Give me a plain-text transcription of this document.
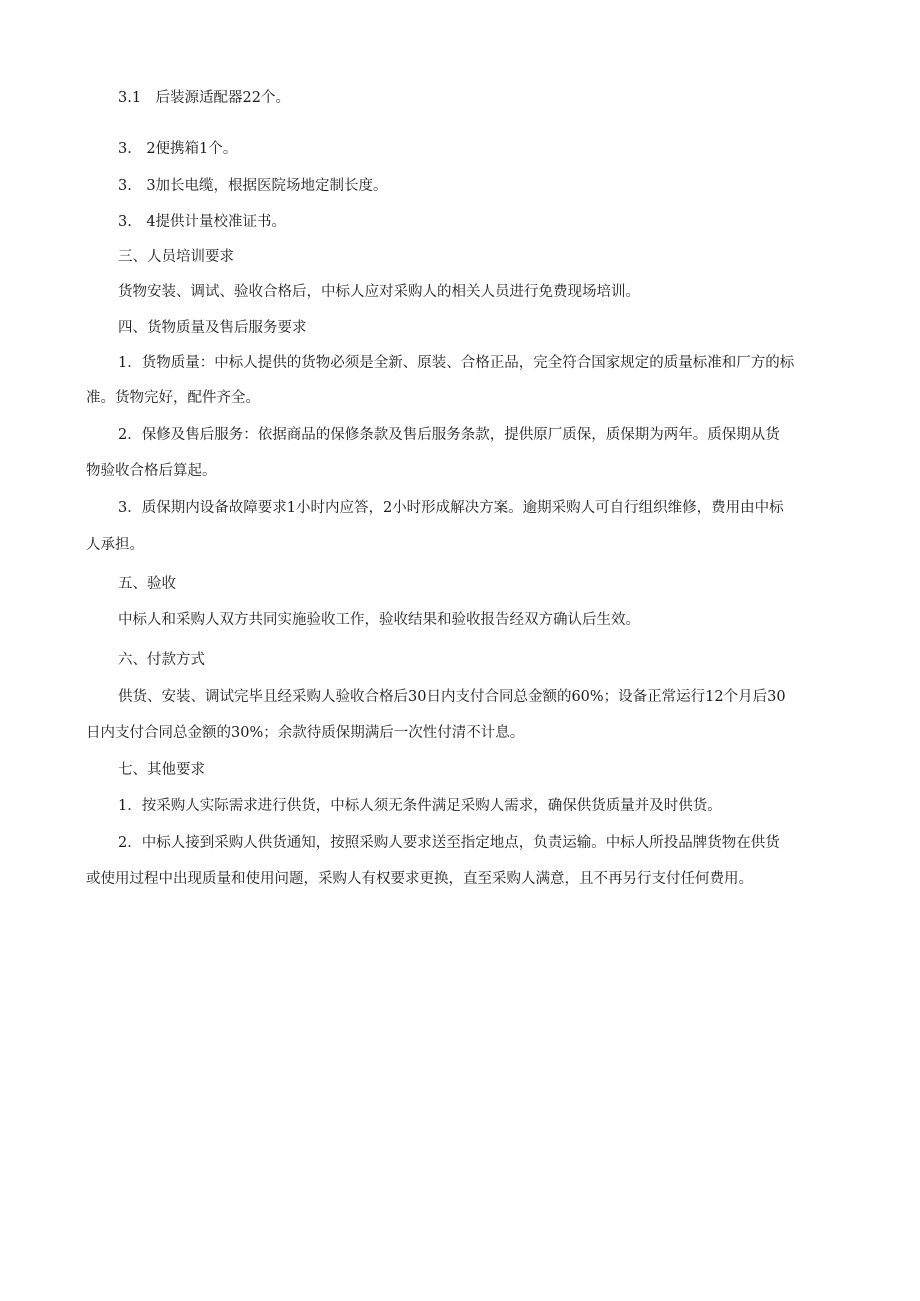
3.1　后装源适配器22个。
3.　2便携箱1个。
3.　3加长电缆，根据医院场地定制长度。
3.　4提供计量校准证书。
三、人员培训要求
货物安装、调试、验收合格后，中标人应对采购人的相关人员进行免费现场培训。
四、货物质量及售后服务要求
1．货物质量：中标人提供的货物必须是全新、原装、合格正品，完全符合国家规定的质量标准和厂方的标
准。货物完好，配件齐全。
2．保修及售后服务：依据商品的保修条款及售后服务条款，提供原厂质保，质保期为两年。质保期从货
物验收合格后算起。
3．质保期内设备故障要求1小时内应答，2小时形成解决方案。逾期采购人可自行组织维修，费用由中标
人承担。
五、验收
中标人和采购人双方共同实施验收工作，验收结果和验收报告经双方确认后生效。
六、付款方式
供货、安装、调试完毕且经采购人验收合格后30日内支付合同总金额的60%；设备正常运行12个月后30
日内支付合同总金额的30%；余款待质保期满后一次性付清不计息。
七、其他要求
1．按采购人实际需求进行供货，中标人须无条件满足采购人需求，确保供货质量并及时供货。
2．中标人接到采购人供货通知，按照采购人要求送至指定地点，负责运输。中标人所投品牌货物在供货
或使用过程中出现质量和使用问题，采购人有权要求更换，直至采购人满意，且不再另行支付任何费用。
